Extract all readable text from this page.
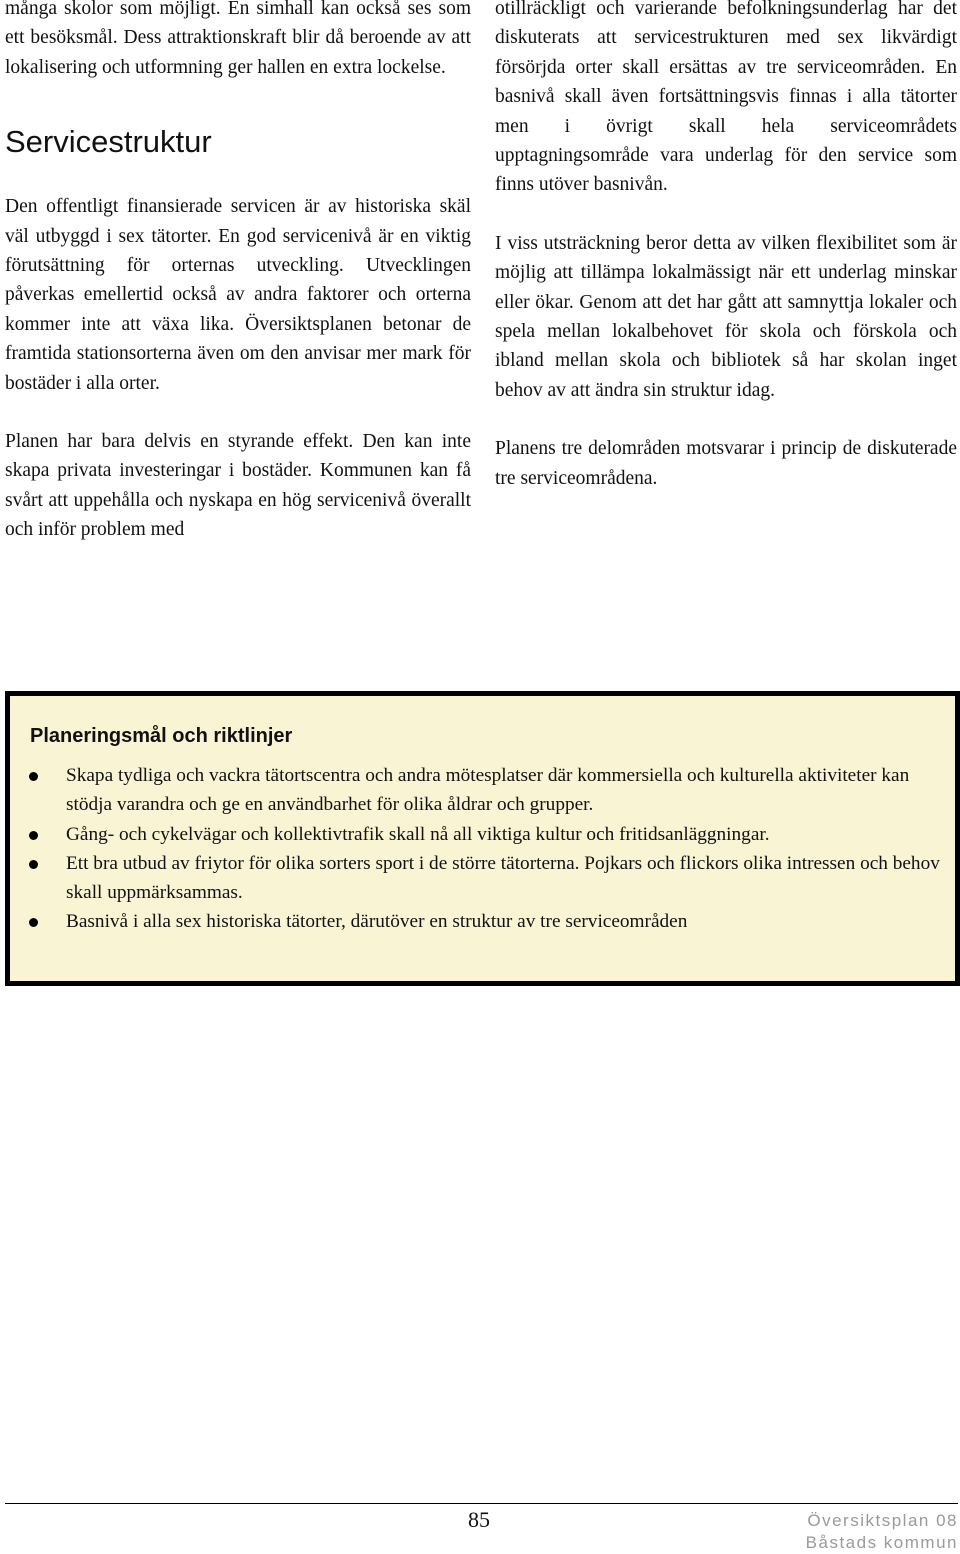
många skolor som möjligt. En simhall kan också ses som ett besöksmål. Dess attraktionskraft blir då beroende av att lokalisering och utformning ger hallen en extra lockelse.

Servicestruktur

Den offentligt finansierade servicen är av historiska skäl väl utbyggd i sex tätorter. En god servicenivå är en viktig förutsättning för orternas utveckling. Utvecklingen påverkas emellertid också av andra faktorer och orterna kommer inte att växa lika. Översiktsplanen betonar de framtida stationsorterna även om den anvisar mer mark för bostäder i alla orter.

Planen har bara delvis en styrande effekt. Den kan inte skapa privata investeringar i bostäder. Kommunen kan få svårt att uppehålla och nyskapa en hög servicenivå överallt och inför problem med

otillräckligt och varierande befolkningsunderlag har det diskuterats att servicestrukturen med sex likvärdigt försörjda orter skall ersättas av tre serviceområden. En basnivå skall även fortsättningsvis finnas i alla tätorter men i övrigt skall hela serviceområdets upptagningsområde vara underlag för den service som finns utöver basnivån.

I viss utsträckning beror detta av vilken flexibilitet som är möjlig att tillämpa lokalmässigt när ett underlag minskar eller ökar. Genom att det har gått att samnyttja lokaler och spela mellan lokalbehovet för skola och förskola och ibland mellan skola och bibliotek så har skolan inget behov av att ändra sin struktur idag.

Planens tre delområden motsvarar i princip de diskuterade tre serviceområdena.

Planeringsmål och riktlinjer
Skapa tydliga och vackra tätortscentra och andra mötesplatser där kommersiella och kulturella aktiviteter kan stödja varandra och ge en användbarhet för olika åldrar och grupper.
Gång- och cykelvägar och kollektivtrafik skall nå all viktiga kultur och fritidsanläggningar.
Ett bra utbud av friytor för olika sorters sport i de större tätorterna. Pojkars och flickors olika intressen och behov skall uppmärksammas.
Basnivå i alla sex historiska tätorter, därutöver en struktur av tre serviceområden
85	Översiktsplan 08
Båstads kommun
